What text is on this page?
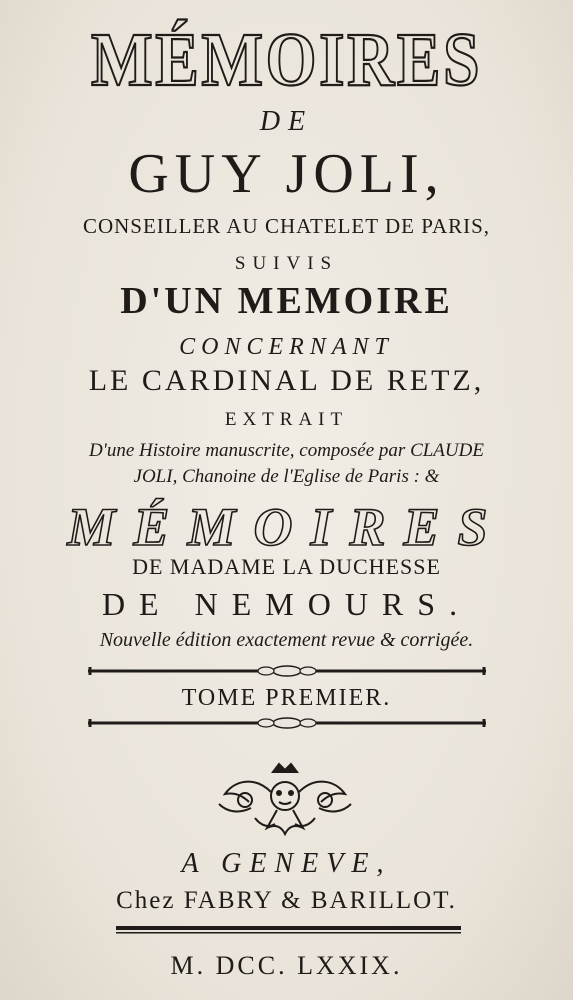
MÉMOIRES
DE
GUY JOLI,
CONSEILLER AU CHATELET DE PARIS,
SUIVIS
D'UN MEMOIRE
CONCERNANT
LE CARDINAL DE RETZ,
EXTRAIT
D'une Histoire manuscrite, composée par CLAUDE
JOLI, Chanoine de l'Eglise de Paris : &
MÉMOIRES
DE MADAME LA DUCHESSE
DE NEMOURS.
Nouvelle édition exactement revue & corrigée.
TOME PREMIER.
A GENEVE,
Chez FABRY & BARILLOT.
M. DCC. LXXIX.
